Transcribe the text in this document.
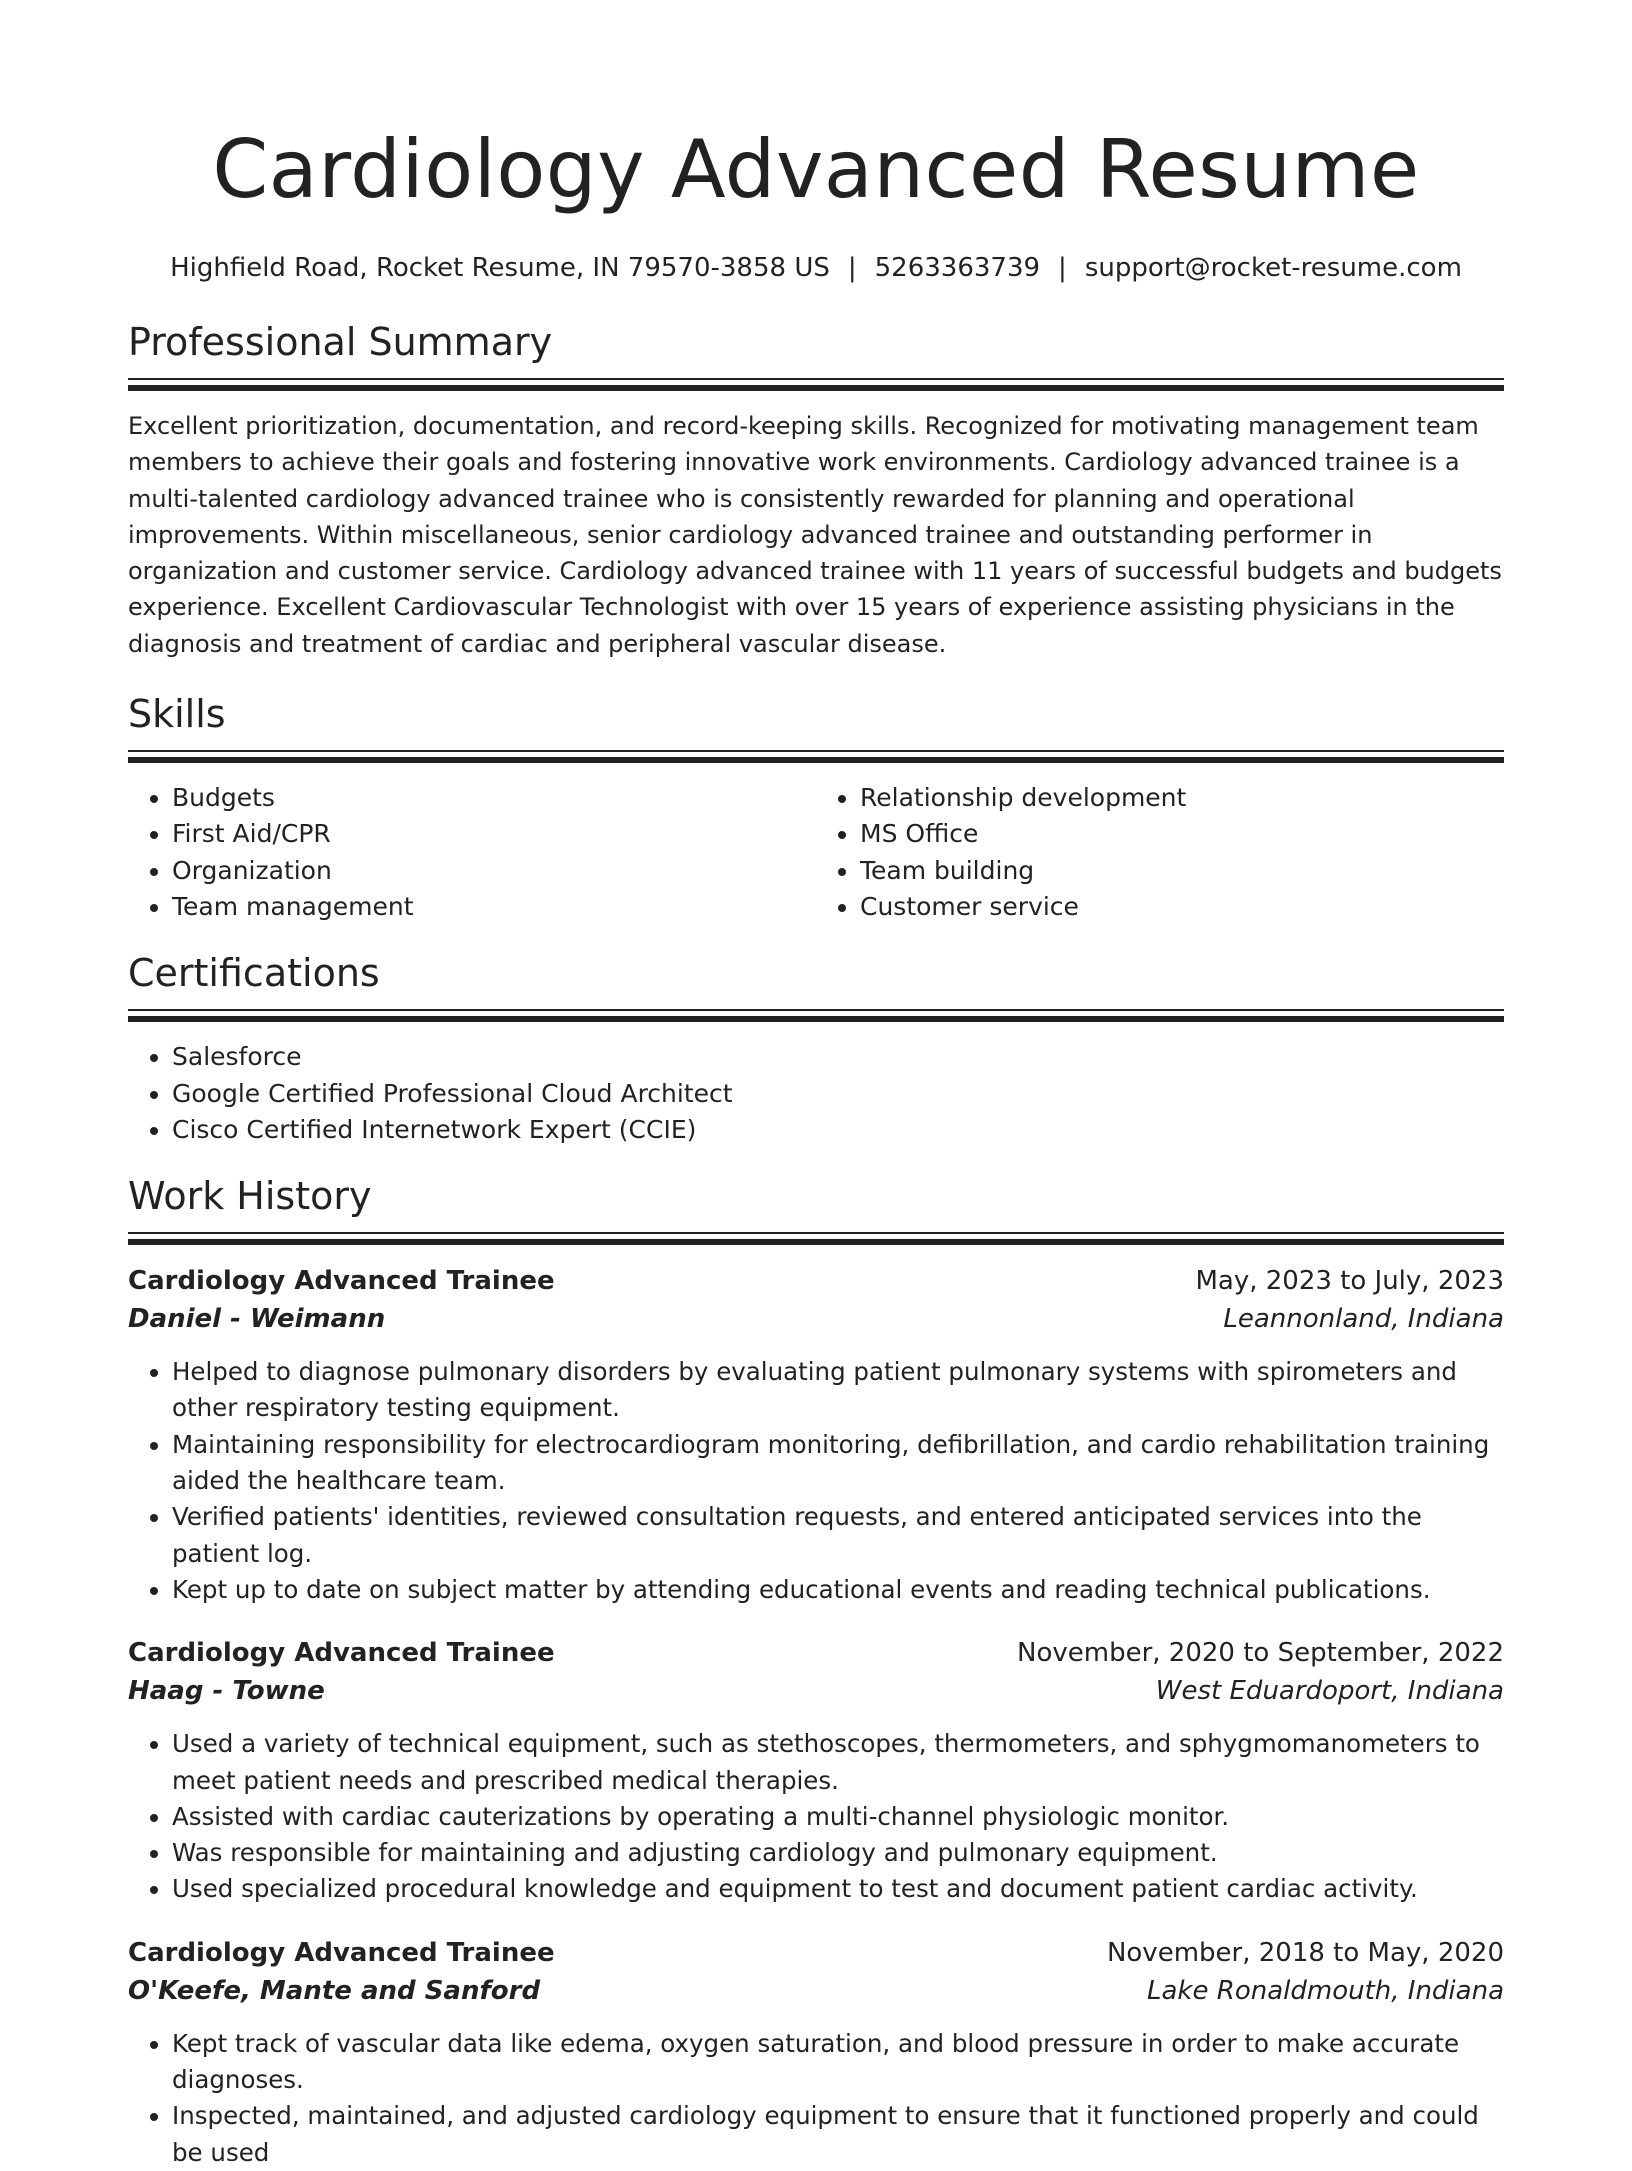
Cardiology Advanced Resume
Highfield Road, Rocket Resume, IN 79570-3858 US | 5263363739 | support@rocket-resume.com
Professional Summary

Excellent prioritization, documentation, and record-keeping skills. Recognized for motivating management team members to achieve their goals and fostering innovative work environments. Cardiology advanced trainee is a multi-talented cardiology advanced trainee who is consistently rewarded for planning and operational improvements. Within miscellaneous, senior cardiology advanced trainee and outstanding performer in organization and customer service. Cardiology advanced trainee with 11 years of successful budgets and budgets experience. Excellent Cardiovascular Technologist with over 15 years of experience assisting physicians in the diagnosis and treatment of cardiac and peripheral vascular disease.

Skills
• Budgets
• First Aid/CPR
• Organization
• Team management
• Relationship development
• MS Office
• Team building
• Customer service
Certifications
• Salesforce
• Google Certified Professional Cloud Architect
• Cisco Certified Internetwork Expert (CCIE)
Work History
Cardiology Advanced Trainee	May, 2023 to July, 2023
Daniel - Weimann	Leannonland, Indiana
• Helped to diagnose pulmonary disorders by evaluating patient pulmonary systems with spirometers and other respiratory testing equipment.
• Maintaining responsibility for electrocardiogram monitoring, defibrillation, and cardio rehabilitation training aided the healthcare team.
• Verified patients' identities, reviewed consultation requests, and entered anticipated services into the patient log.
• Kept up to date on subject matter by attending educational events and reading technical publications.
Cardiology Advanced Trainee	November, 2020 to September, 2022
Haag - Towne	West Eduardoport, Indiana
• Used a variety of technical equipment, such as stethoscopes, thermometers, and sphygmomanometers to meet patient needs and prescribed medical therapies.
• Assisted with cardiac cauterizations by operating a multi-channel physiologic monitor.
• Was responsible for maintaining and adjusting cardiology and pulmonary equipment.
• Used specialized procedural knowledge and equipment to test and document patient cardiac activity.
Cardiology Advanced Trainee	November, 2018 to May, 2020
O'Keefe, Mante and Sanford	Lake Ronaldmouth, Indiana
• Kept track of vascular data like edema, oxygen saturation, and blood pressure in order to make accurate diagnoses.
• Inspected, maintained, and adjusted cardiology equipment to ensure that it functioned properly and could be used
